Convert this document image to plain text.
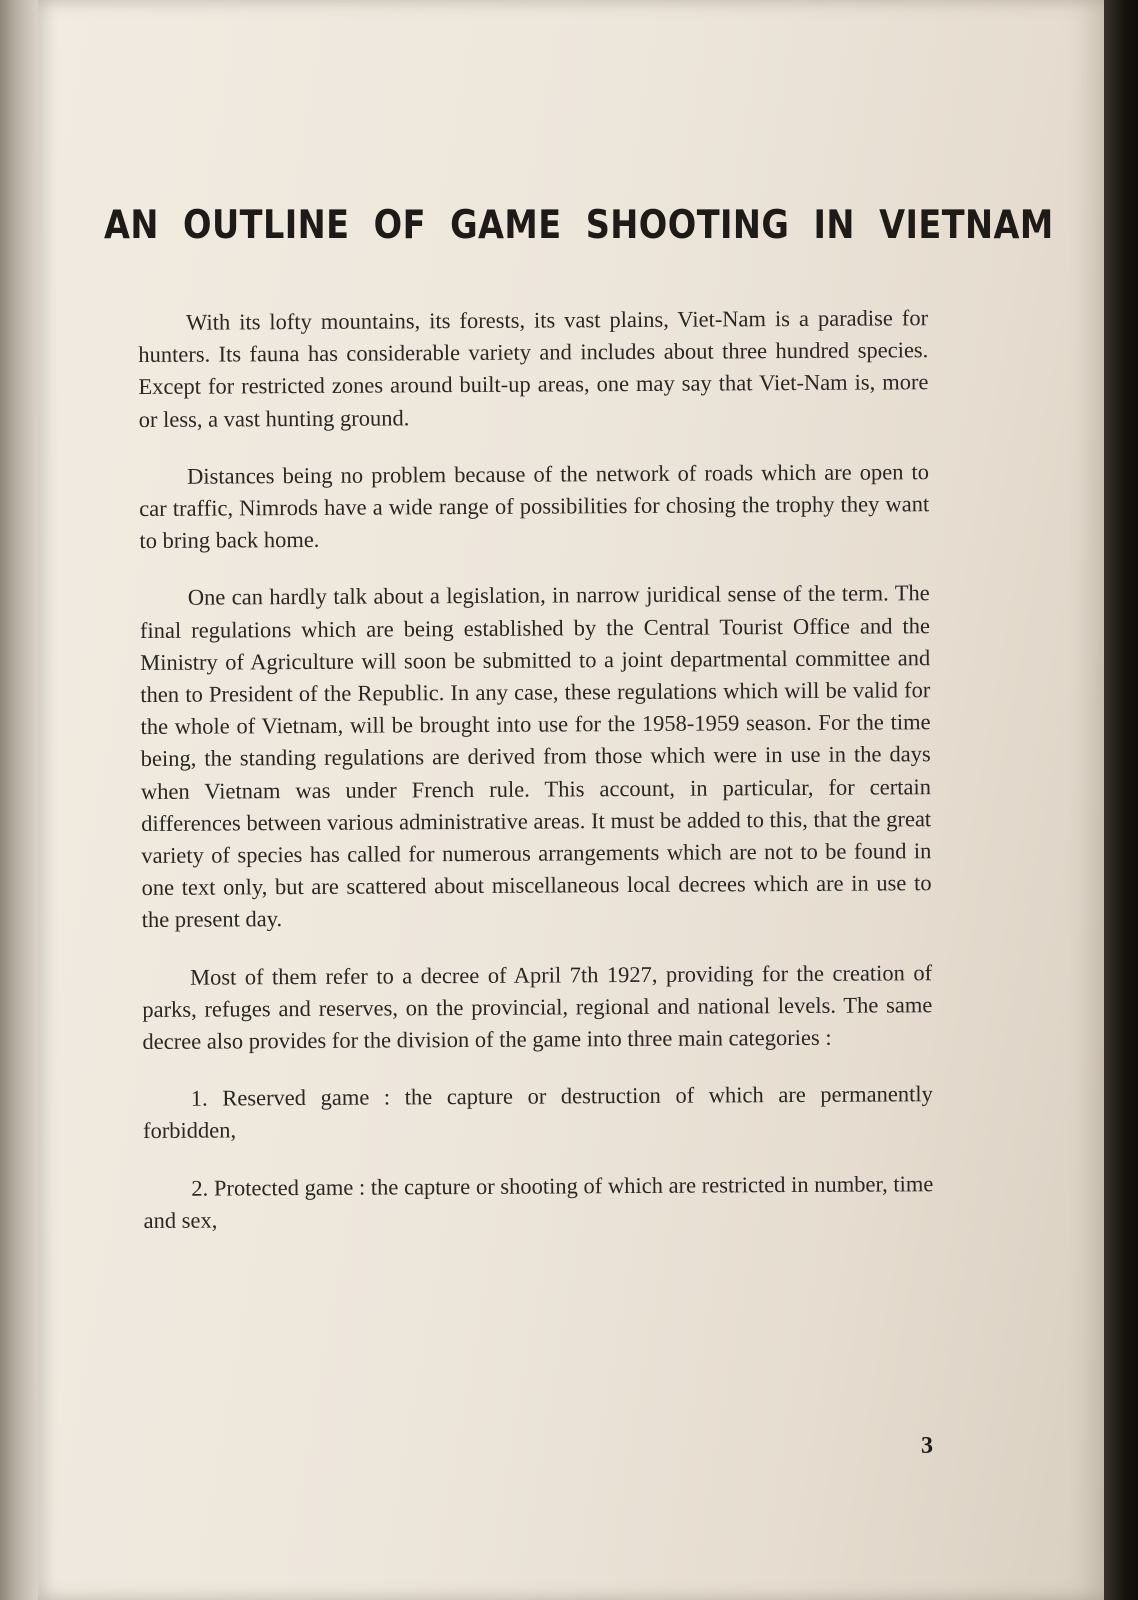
AN OUTLINE OF GAME SHOOTING IN VIETNAM

With its lofty mountains, its forests, its vast plains, Viet-Nam is a paradise for hunters. Its fauna has considerable variety and includes about three hundred species. Except for restricted zones around built-up areas, one may say that Viet-Nam is, more or less, a vast hunting ground.

Distances being no problem because of the network of roads which are open to car traffic, Nimrods have a wide range of possibilities for chosing the trophy they want to bring back home.

One can hardly talk about a legislation, in narrow juridical sense of the term. The final regulations which are being established by the Central Tourist Office and the Ministry of Agriculture will soon be submitted to a joint departmental committee and then to President of the Republic. In any case, these regulations which will be valid for the whole of Vietnam, will be brought into use for the 1958-1959 season. For the time being, the standing regulations are derived from those which were in use in the days when Vietnam was under French rule. This account, in particular, for certain differences between various administrative areas. It must be added to this, that the great variety of species has called for numerous arrangements which are not to be found in one text only, but are scattered about miscellaneous local decrees which are in use to the present day.

Most of them refer to a decree of April 7th 1927, providing for the creation of parks, refuges and reserves, on the provincial, regional and national levels. The same decree also provides for the division of the game into three main categories :

1. Reserved game : the capture or destruction of which are permanently forbidden,

2. Protected game : the capture or shooting of which are restricted in number, time and sex,

3
